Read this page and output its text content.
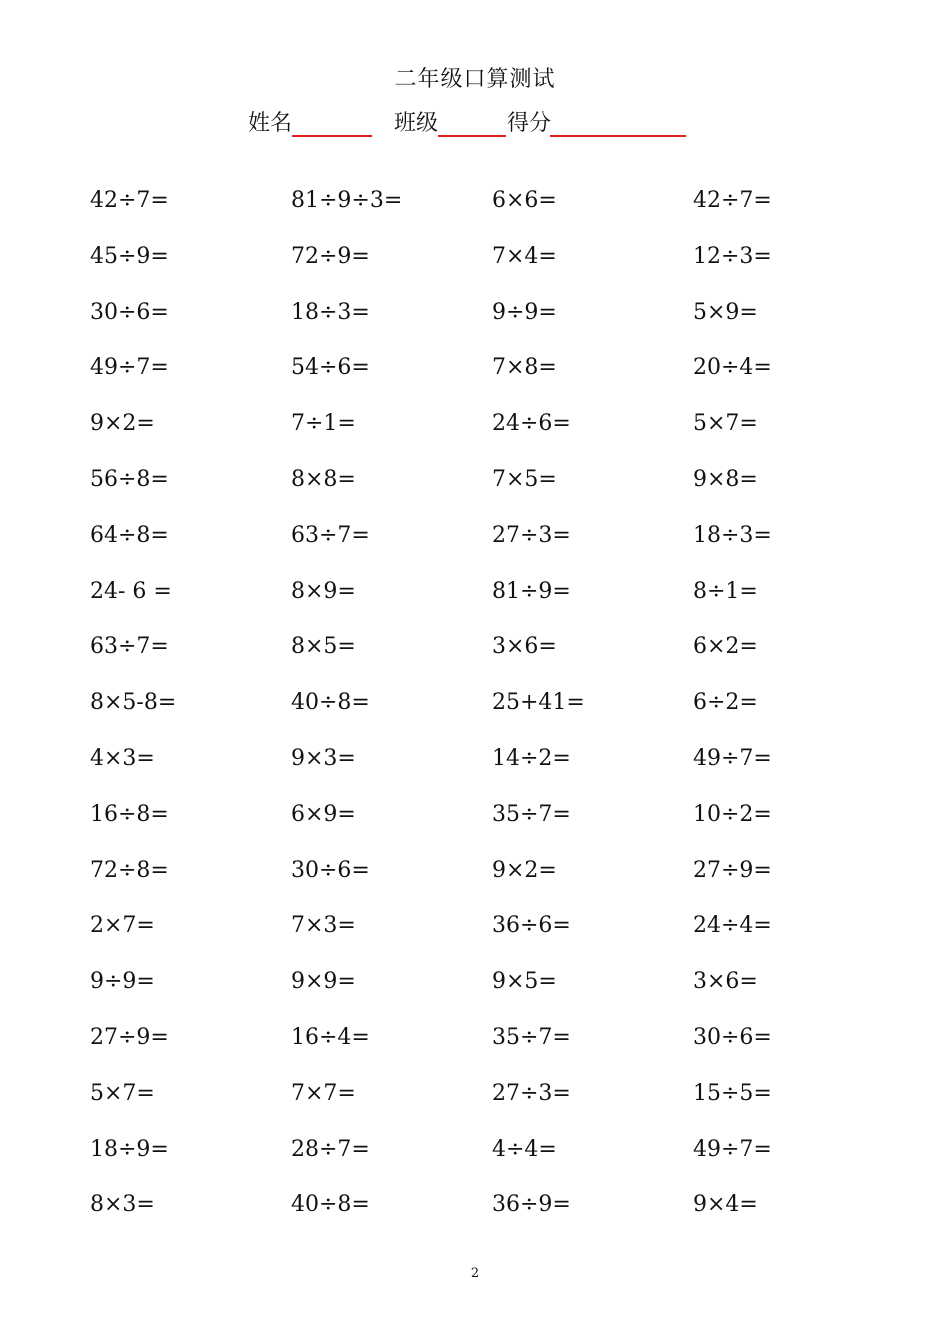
二年级口算测试
姓名	班级	得分
42÷7=	81÷9÷3=	6×6=	42÷7=
45÷9=	72÷9=	7×4=	12÷3=
30÷6=	18÷3=	9÷9=	5×9=
49÷7=	54÷6=	7×8=	20÷4=
9×2=	7÷1=	24÷6=	5×7=
56÷8=	8×8=	7×5=	9×8=
64÷8=	63÷7=	27÷3=	18÷3=
24- 6 =	8×9=	81÷9=	8÷1=
63÷7=	8×5=	3×6=	6×2=
8×5-8=	40÷8=	25+41=	6÷2=
4×3=	9×3=	14÷2=	49÷7=
16÷8=	6×9=	35÷7=	10÷2=
72÷8=	30÷6=	9×2=	27÷9=
2×7=	7×3=	36÷6=	24÷4=
9÷9=	9×9=	9×5=	3×6=
27÷9=	16÷4=	35÷7=	30÷6=
5×7=	7×7=	27÷3=	15÷5=
18÷9=	28÷7=	4÷4=	49÷7=
8×3=	40÷8=	36÷9=	9×4=
2
